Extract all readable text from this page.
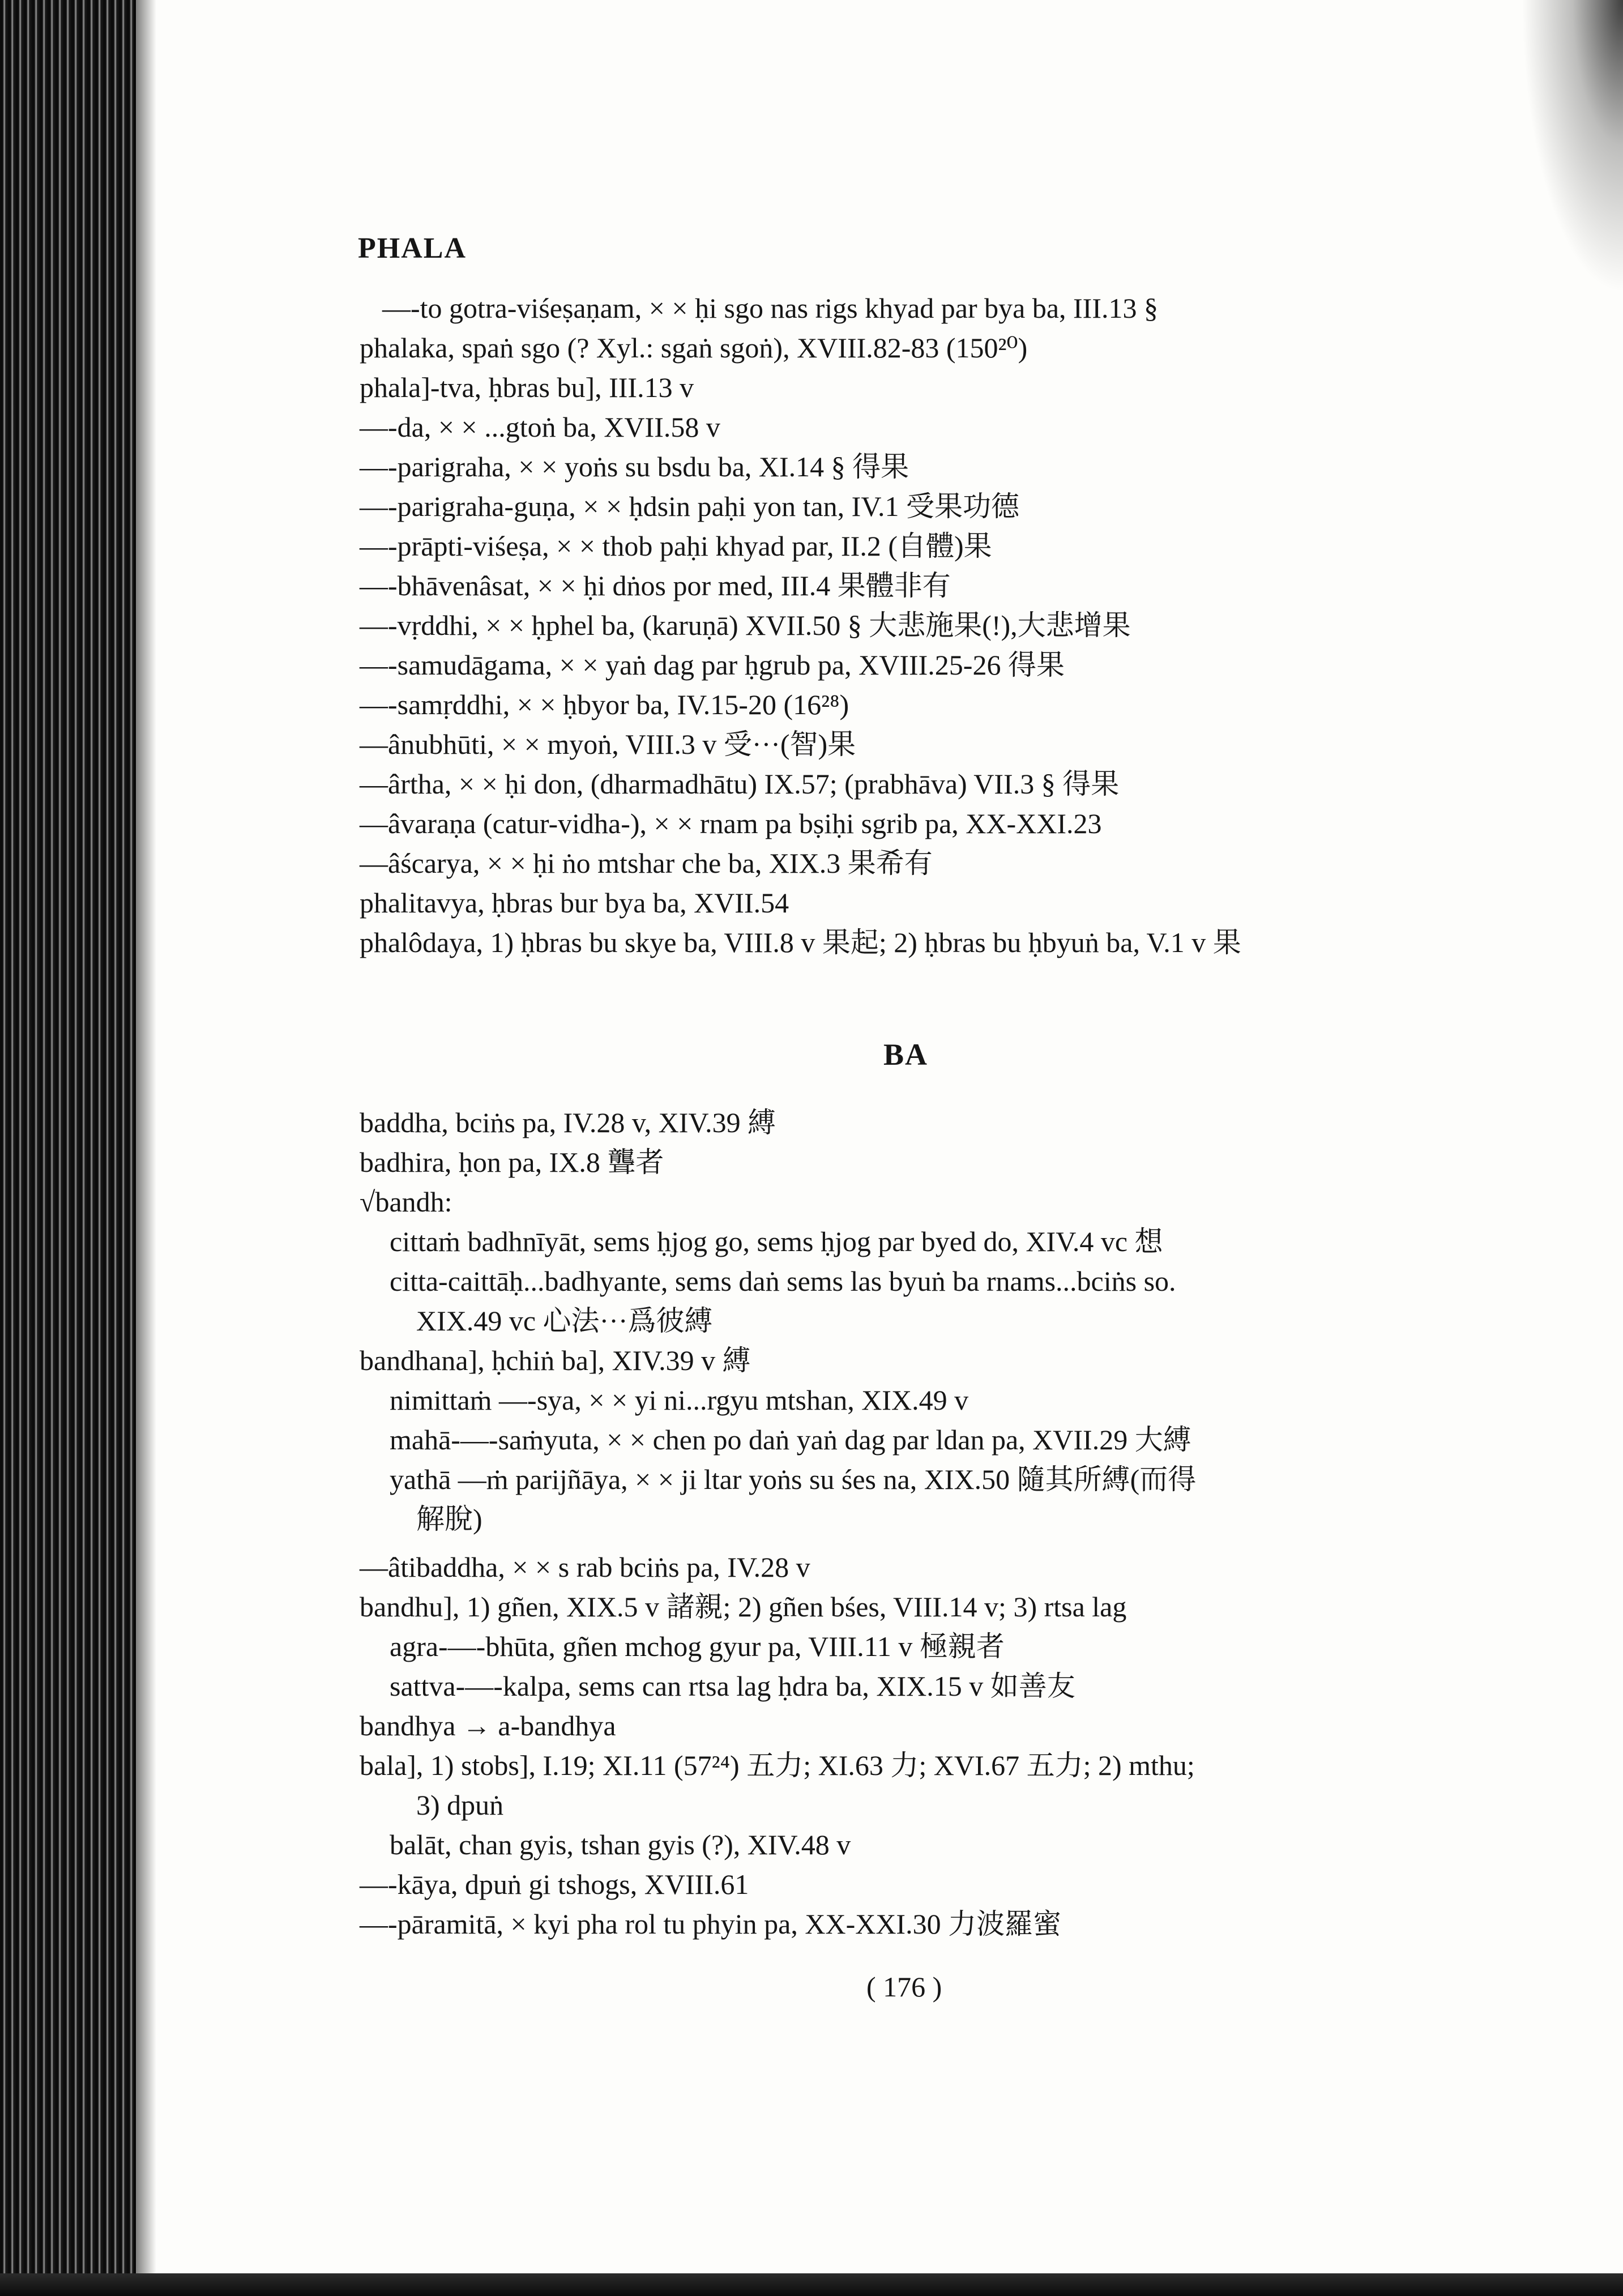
PHALA
—-to gotra-viśeṣaṇam, × × ḥi sgo nas rigs khyad par bya ba, III.13 §
phalaka, spaṅ sgo (? Xyl.: sgaṅ sgoṅ), XVIII.82-83 (150²⁰)
phala]-tva, ḥbras bu], III.13 v
—-da, × × ...gtoṅ ba, XVII.58 v
—-parigraha, × × yoṅs su bsdu ba, XI.14 § 得果
—-parigraha-guṇa, × × ḥdsin paḥi yon tan, IV.1 受果功德
—-prāpti-viśeṣa, × × thob paḥi khyad par, II.2 (自體)果
—-bhāvenâsat, × × ḥi dṅos por med, III.4 果體非有
—-vṛddhi, × × ḥphel ba, (karuṇā) XVII.50 § 大悲施果(!),大悲增果
—-samudāgama, × × yaṅ dag par ḥgrub pa, XVIII.25-26 得果
—-samṛddhi, × × ḥbyor ba, IV.15-20 (16²⁸)
—ânubhūti, × × myoṅ, VIII.3 v 受···(智)果
—ârtha, × × ḥi don, (dharmadhātu) IX.57; (prabhāva) VII.3 § 得果
—âvaraṇa (catur-vidha-), × × rnam pa bṣiḥi sgrib pa, XX-XXI.23
—âścarya, × × ḥi ṅo mtshar che ba, XIX.3 果希有
phalitavya, ḥbras bur bya ba, XVII.54
phalôdaya, 1) ḥbras bu skye ba, VIII.8 v 果起; 2) ḥbras bu ḥbyuṅ ba, V.1 v 果
BA
baddha, bciṅs pa, IV.28 v, XIV.39 縛
badhira, ḥon pa, IX.8 聾者
√bandh:
cittaṁ badhnīyāt, sems ḥjog go, sems ḥjog par byed do, XIV.4 vc 想
citta-caittāḥ...badhyante, sems daṅ sems las byuṅ ba rnams...bciṅs so.
XIX.49 vc 心法···爲彼縛
bandhana], ḥchiṅ ba], XIV.39 v 縛
nimittaṁ —-sya, × × yi ni...rgyu mtshan, XIX.49 v
mahā-—-saṁyuta, × × chen po daṅ yaṅ dag par ldan pa, XVII.29 大縛
yathā —ṁ parijñāya, × × ji ltar yoṅs su śes na, XIX.50 隨其所縛(而得
解脫)
—âtibaddha, × × s rab bciṅs pa, IV.28 v
bandhu], 1) gñen, XIX.5 v 諸親; 2) gñen bśes, VIII.14 v; 3) rtsa lag
agra-—-bhūta, gñen mchog gyur pa, VIII.11 v 極親者
sattva-—-kalpa, sems can rtsa lag ḥdra ba, XIX.15 v 如善友
bandhya → a-bandhya
bala], 1) stobs], I.19; XI.11 (57²⁴) 五力; XI.63 力; XVI.67 五力; 2) mthu;
3) dpuṅ
balāt, chan gyis, tshan gyis (?), XIV.48 v
—-kāya, dpuṅ gi tshogs, XVIII.61
—-pāramitā, × kyi pha rol tu phyin pa, XX-XXI.30 力波羅蜜
( 176 )
